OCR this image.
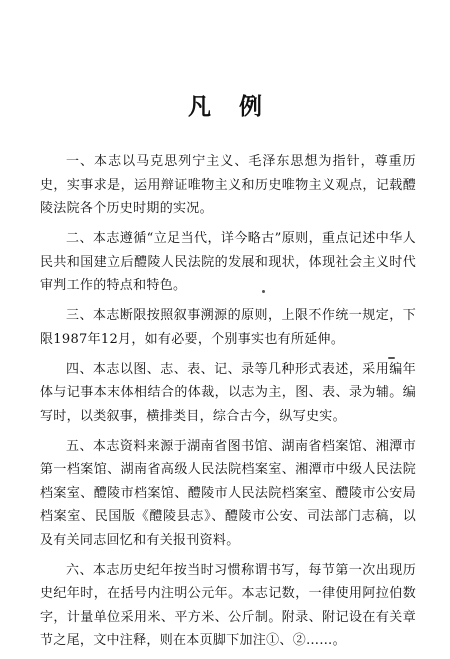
凡例

一、本志以马克思列宁主义、毛泽东思想为指针，尊重历史，实事求是，运用辩证唯物主义和历史唯物主义观点，记载醴陵法院各个历史时期的实况。

二、本志遵循“立足当代，详今略古”原则，重点记述中华人民共和国建立后醴陵人民法院的发展和现状，体现社会主义时代审判工作的特点和特色。

三、本志断限按照叙事溯源的原则，上限不作统一规定，下限1987年12月，如有必要，个别事实也有所延伸。

四、本志以图、志、表、记、录等几种形式表述，采用编年体与记事本末体相结合的体裁，以志为主，图、表、录为辅。编写时，以类叙事，横排类目，综合古今，纵写史实。

五、本志资料来源于湖南省图书馆、湖南省档案馆、湘潭市第一档案馆、湖南省高级人民法院档案室、湘潭市中级人民法院档案室、醴陵市档案馆、醴陵市人民法院档案室、醴陵市公安局档案室、民国版《醴陵县志》、醴陵市公安、司法部门志稿，以及有关同志回忆和有关报刊资料。

六、本志历史纪年按当时习惯称谓书写，每节第一次出现历史纪年时，在括号内注明公元年。本志记数，一律使用阿拉伯数字，计量单位采用米、平方米、公斤制。附录、附记设在有关章节之尾，文中注释，则在本页脚下加注①、②……。
